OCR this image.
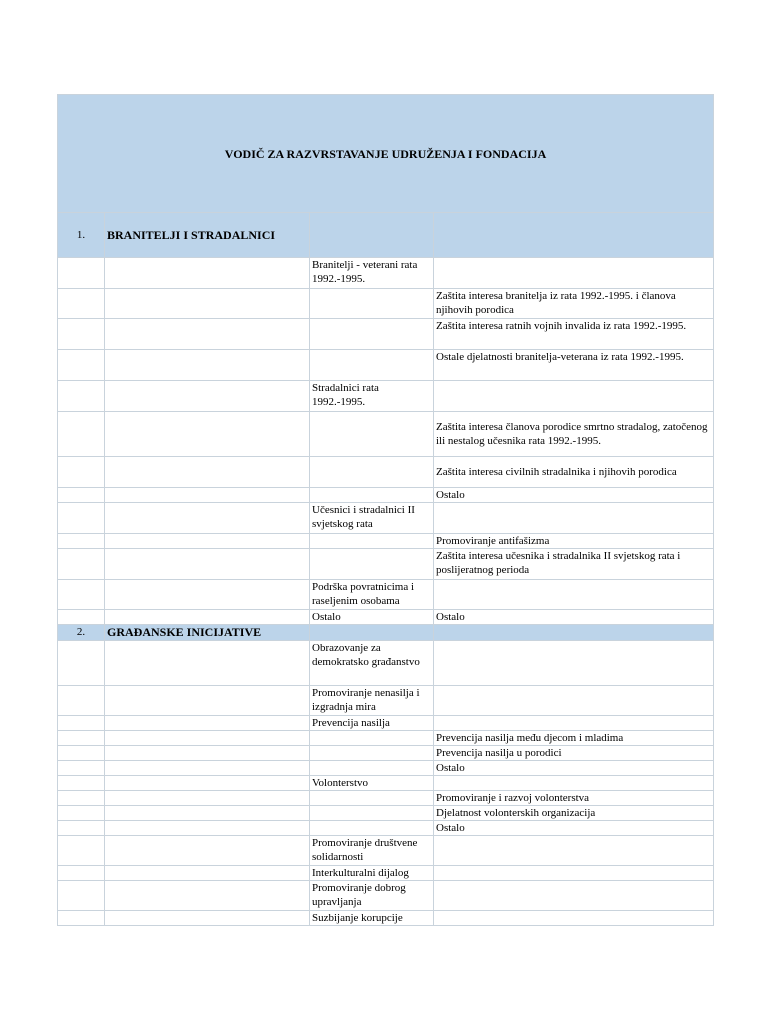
VODIČ ZA RAZVRSTAVANJE UDRUŽENJA I FONDACIJA			
1.	BRANITELJI I STRADALNICI		
		Branitelji - veterani rata 1992.-1995.	
			Zaštita interesa branitelja iz rata 1992.-1995. i članova njihovih porodica
			Zaštita interesa ratnih vojnih invalida iz rata 1992.-1995.
			Ostale djelatnosti branitelja-veterana iz rata 1992.-1995.
		Stradalnici rata 1992.-1995.	
			Zaštita interesa članova porodice smrtno stradalog, zatočenog ili nestalog učesnika rata 1992.-1995.
			Zaštita interesa civilnih stradalnika i njihovih porodica
			Ostalo
		Učesnici i stradalnici II svjetskog rata	
			Promoviranje antifašizma
			Zaštita interesa učesnika i stradalnika II svjetskog rata i poslijeratnog perioda
		Podrška povratnicima i raseljenim osobama	
		Ostalo	Ostalo
2.	GRAĐANSKE INICIJATIVE		
		Obrazovanje za demokratsko građanstvo	
		Promoviranje nenasilja i izgradnja mira	
		Prevencija nasilja	
			Prevencija nasilja među djecom i mladima
			Prevencija nasilja u porodici
			Ostalo
		Volonterstvo	
			Promoviranje i razvoj volonterstva
			Djelatnost volonterskih organizacija
			Ostalo
		Promoviranje društvene solidarnosti	
		Interkulturalni dijalog	
		Promoviranje dobrog upravljanja	
		Suzbijanje korupcije	
